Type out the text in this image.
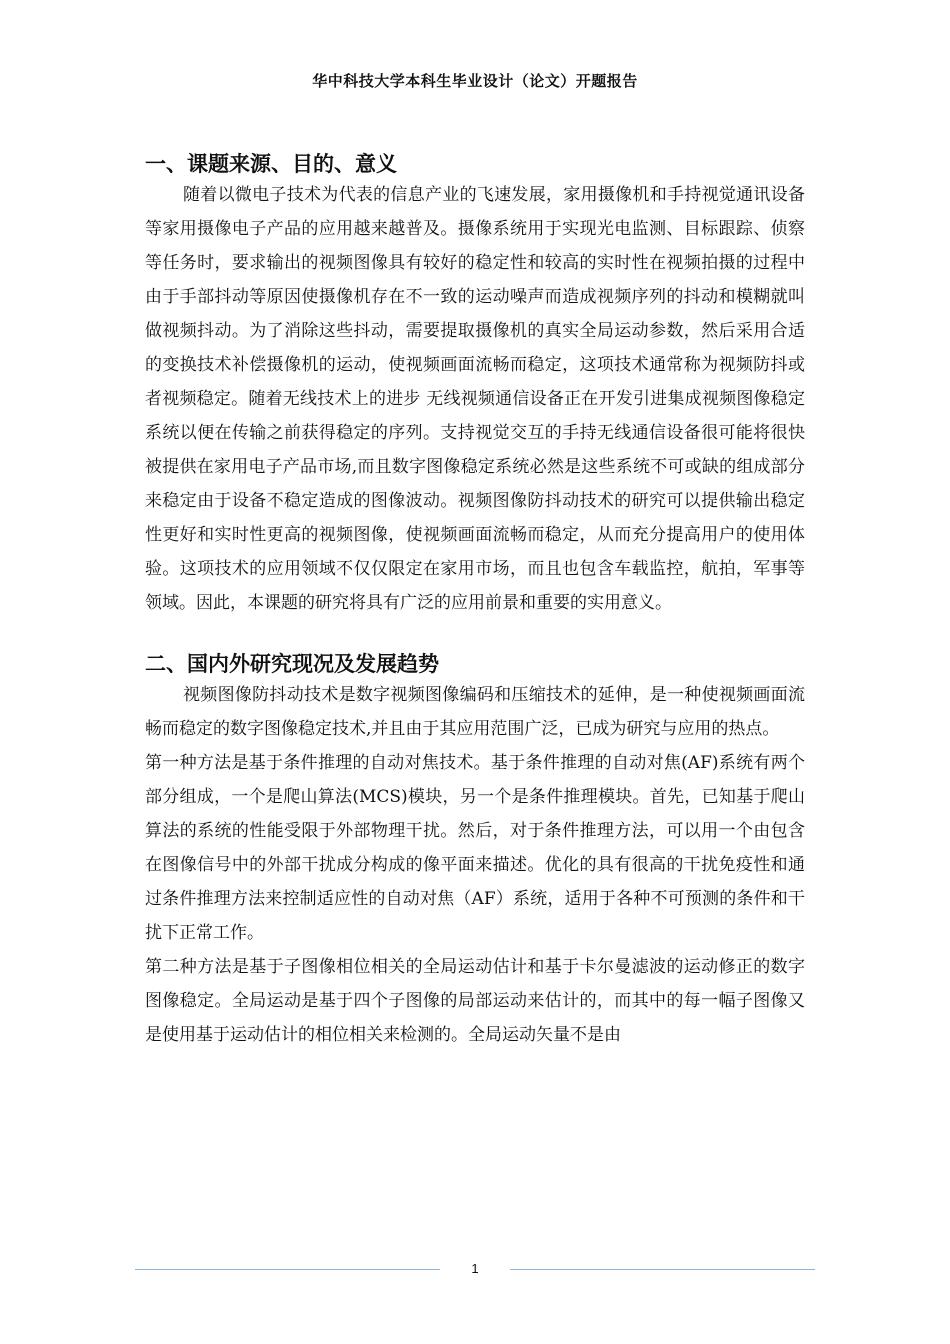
华中科技大学本科生毕业设计（论文）开题报告
一、课题来源、目的、意义

随着以微电子技术为代表的信息产业的飞速发展，家用摄像机和手持视觉通讯设备等家用摄像电子产品的应用越来越普及。摄像系统用于实现光电监测、目标跟踪、侦察等任务时，要求输出的视频图像具有较好的稳定性和较高的实时性在视频拍摄的过程中由于手部抖动等原因使摄像机存在不一致的运动噪声而造成视频序列的抖动和模糊就叫做视频抖动。为了消除这些抖动，需要提取摄像机的真实全局运动参数，然后采用合适的变换技术补偿摄像机的运动，使视频画面流畅而稳定，这项技术通常称为视频防抖或者视频稳定。随着无线技术上的进步 无线视频通信设备正在开发引进集成视频图像稳定系统以便在传输之前获得稳定的序列。支持视觉交互的手持无线通信设备很可能将很快被提供在家用电子产品市场,而且数字图像稳定系统必然是这些系统不可或缺的组成部分来稳定由于设备不稳定造成的图像波动。视频图像防抖动技术的研究可以提供输出稳定性更好和实时性更高的视频图像，使视频画面流畅而稳定，从而充分提高用户的使用体验。这项技术的应用领域不仅仅限定在家用市场，而且也包含车载监控，航拍，军事等领域。因此，本课题的研究将具有广泛的应用前景和重要的实用意义。

二、国内外研究现况及发展趋势

视频图像防抖动技术是数字视频图像编码和压缩技术的延伸，是一种使视频画面流畅而稳定的数字图像稳定技术,并且由于其应用范围广泛，已成为研究与应用的热点。

第一种方法是基于条件推理的自动对焦技术。基于条件推理的自动对焦(AF)系统有两个部分组成，一个是爬山算法(MCS)模块，另一个是条件推理模块。首先，已知基于爬山算法的系统的性能受限于外部物理干扰。然后，对于条件推理方法，可以用一个由包含在图像信号中的外部干扰成分构成的像平面来描述。优化的具有很高的干扰免疫性和通过条件推理方法来控制适应性的自动对焦（AF）系统，适用于各种不可预测的条件和干扰下正常工作。

第二种方法是基于子图像相位相关的全局运动估计和基于卡尔曼滤波的运动修正的数字图像稳定。全局运动是基于四个子图像的局部运动来估计的，而其中的每一幅子图像又是使用基于运动估计的相位相关来检测的。全局运动矢量不是由

1
